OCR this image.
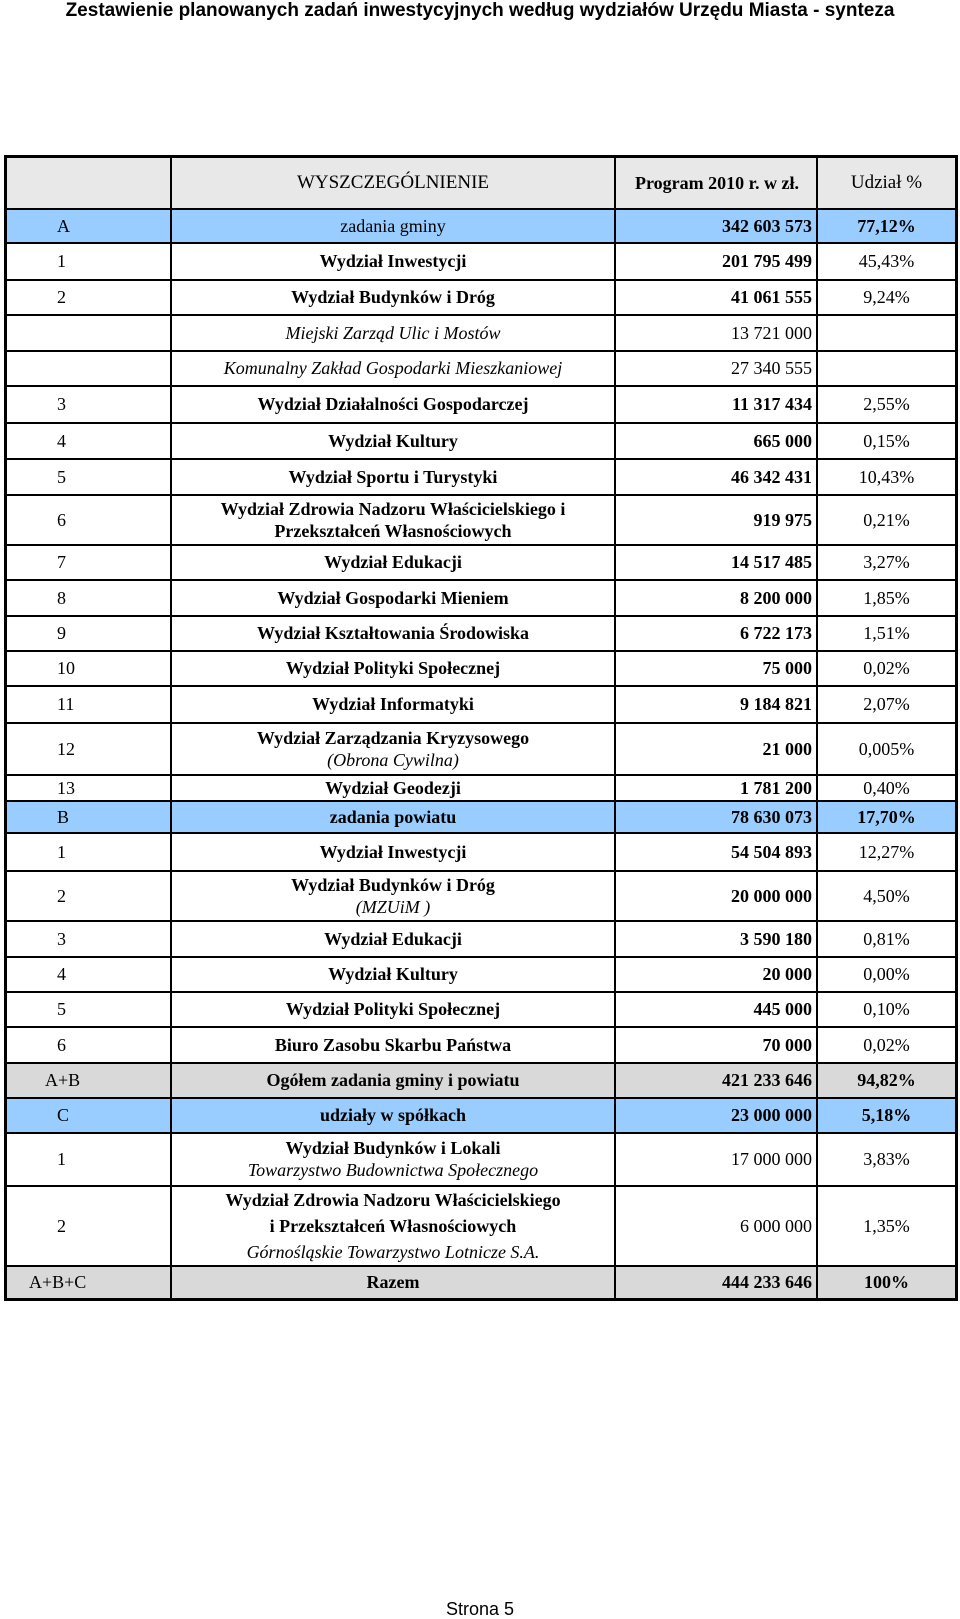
Zestawienie planowanych zadań inwestycyjnych według wydziałów Urzędu Miasta - synteza
	WYSZCZEGÓLNIENIE	Program 2010 r. w zł.	Udział %
A	zadania gminy	342 603 573	77,12%
1	Wydział Inwestycji	201 795 499	45,43%
2	Wydział Budynków i Dróg	41 061 555	9,24%
	Miejski Zarząd Ulic i Mostów	13 721 000	
	Komunalny Zakład Gospodarki Mieszkaniowej	27 340 555	
3	Wydział Działalności Gospodarczej	11 317 434	2,55%
4	Wydział Kultury	665 000	0,15%
5	Wydział Sportu i Turystyki	46 342 431	10,43%
6	Wydział Zdrowia Nadzoru Właścicielskiego i
Przekształceń Własnościowych	919 975	0,21%
7	Wydział Edukacji	14 517 485	3,27%
8	Wydział Gospodarki Mieniem	8 200 000	1,85%
9	Wydział Kształtowania Środowiska	6 722 173	1,51%
10	Wydział Polityki Społecznej	75 000	0,02%
11	Wydział Informatyki	9 184 821	2,07%
12	Wydział Zarządzania Kryzysowego
(Obrona Cywilna)	21 000	0,005%
13	Wydział Geodezji	1 781 200	0,40%
B	zadania powiatu	78 630 073	17,70%
1	Wydział Inwestycji	54 504 893	12,27%
2	Wydział Budynków i Dróg
(MZUiM )	20 000 000	4,50%
3	Wydział Edukacji	3 590 180	0,81%
4	Wydział Kultury	20 000	0,00%
5	Wydział Polityki Społecznej	445 000	0,10%
6	Biuro Zasobu Skarbu Państwa	70 000	0,02%
A+B	Ogółem zadania gminy i powiatu	421 233 646	94,82%
C	udziały w spółkach	23 000 000	5,18%
1	Wydział Budynków i Lokali
Towarzystwo Budownictwa Społecznego	17 000 000	3,83%
2	Wydział Zdrowia Nadzoru Właścicielskiego
i Przekształceń Własnościowych
Górnośląskie Towarzystwo Lotnicze S.A.	6 000 000	1,35%
A+B+C	Razem	444 233 646	100%
Strona 5
